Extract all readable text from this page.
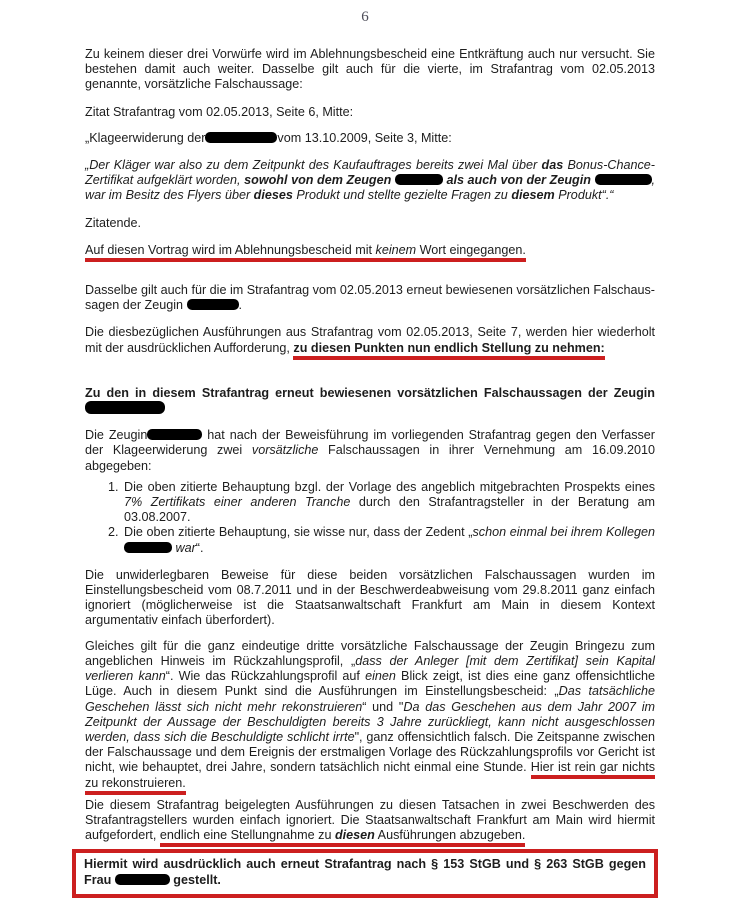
6

Zu keinem dieser drei Vorwürfe wird im Ablehnungsbescheid eine Entkräftung auch nur versucht. Sie bestehen damit auch weiter. Dasselbe gilt auch für die vierte, im Strafantrag vom 02.05.2013 genannte, vorsätzliche Falschaussage:

Zitat Strafantrag vom 02.05.2013, Seite 6, Mitte:

„Klageerwiderung der	vom 13.10.2009, Seite 3, Mitte:

„Der Kläger war also zu dem Zeitpunkt des Kaufauftrages bereits zwei Mal über das Bonus-Chance-Zertifikat aufgeklärt worden, sowohl von dem Zeugen	als auch von der Zeugin	, war im Besitz des Flyers über dieses Produkt und stellte gezielte Fragen zu diesem Produkt“.“

Zitatende.

Auf diesen Vortrag wird im Ablehnungsbescheid mit keinem Wort eingegangen.

Dasselbe gilt auch für die im Strafantrag vom 02.05.2013 erneut bewiesenen vorsätzlichen Falschaussagen der Zeugin	.

Die diesbezüglichen Ausführungen aus Strafantrag vom 02.05.2013, Seite 7, werden hier wiederholt mit der ausdrücklichen Aufforderung, zu diesen Punkten nun endlich Stellung zu nehmen:

Zu den in diesem Strafantrag erneut bewiesenen vorsätzlichen Falschaussagen der Zeugin

Die Zeugin	hat nach der Beweisführung im vorliegenden Strafantrag gegen den Verfasser der Klageerwiderung zwei vorsätzliche Falschaussagen in ihrer Vernehmung am 16.09.2010 abgegeben:

1. Die oben zitierte Behauptung bzgl. der Vorlage des angeblich mitgebrachten Prospekts eines 7% Zertifikats einer anderen Tranche durch den Strafantragsteller in der Beratung am 03.08.2007.
2. Die oben zitierte Behauptung, sie wisse nur, dass der Zedent „schon einmal bei ihrem Kollegen  war“.

Die unwiderlegbaren Beweise für diese beiden vorsätzlichen Falschaussagen wurden im Einstellungsbescheid vom 08.7.2011 und in der Beschwerdeabweisung vom 29.8.2011 ganz einfach ignoriert (möglicherweise ist die Staatsanwaltschaft Frankfurt am Main in diesem Kontext argumentativ einfach überfordert).

Gleiches gilt für die ganz eindeutige dritte vorsätzliche Falschaussage der Zeugin Bringezu zum angeblichen Hinweis im Rückzahlungsprofil, „dass der Anleger [mit dem Zertifikat] sein Kapital verlieren kann“. Wie das Rückzahlungsprofil auf einen Blick zeigt, ist dies eine ganz offensichtliche Lüge. Auch in diesem Punkt sind die Ausführungen im Einstellungsbescheid: „Das tatsächliche Geschehen lässt sich nicht mehr rekonstruieren“ und "Da das Geschehen aus dem Jahr 2007 im Zeitpunkt der Aussage der Beschuldigten bereits 3 Jahre zurückliegt, kann nicht ausgeschlossen werden, dass sich die Beschuldigte schlicht irrte", ganz offensichtlich falsch. Die Zeitspanne zwischen der Falschaussage und dem Ereignis der erstmaligen Vorlage des Rückzahlungsprofils vor Gericht ist nicht, wie behauptet, drei Jahre, sondern tatsächlich nicht einmal eine Stunde. Hier ist rein gar nichts zu rekonstruieren.

Die diesem Strafantrag beigelegten Ausführungen zu diesen Tatsachen in zwei Beschwerden des Strafantragstellers wurden einfach ignoriert. Die Staatsanwaltschaft Frankfurt am Main wird hiermit aufgefordert, endlich eine Stellungnahme zu diesen Ausführungen abzugeben.

Hiermit wird ausdrücklich auch erneut Strafantrag nach § 153 StGB und § 263 StGB gegen Frau	gestellt.
